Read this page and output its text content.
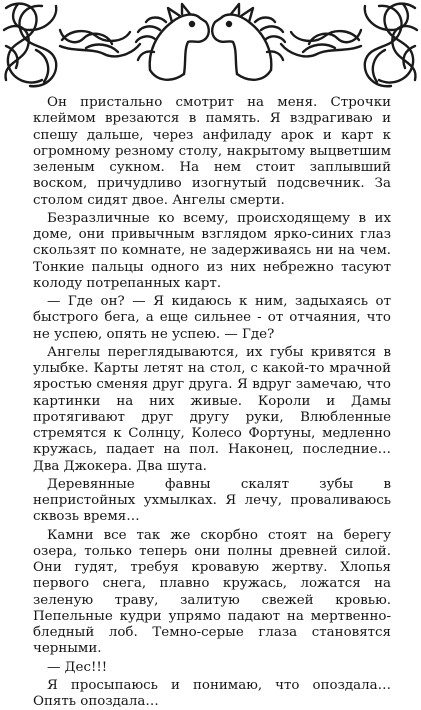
Он пристально смотрит на меня. Строчки клеймом врезаются в память. Я вздрагиваю и спешу дальше, через анфиладу арок и карт к огромному резному столу, накрытому выцветшим зеленым сукном. На нем стоит заплывший воском, причудливо изогнутый подсвечник. За столом сидят двое. Ангелы смерти.

Безразличные ко всему, происходящему в их доме, они привычным взглядом ярко-синих глаз скользят по комнате, не задерживаясь ни на чем. Тонкие пальцы одного из них небрежно тасуют колоду потрепанных карт.

— Где он? — Я кидаюсь к ним, задыхаясь от быстрого бега, а еще сильнее - от отчаяния, что не успею, опять не успею. — Где?

Ангелы переглядываются, их губы кривятся в улыбке. Карты летят на стол, с какой-то мрачной яростью сменяя друг друга. Я вдруг замечаю, что картинки на них живые. Короли и Дамы протягивают друг другу руки, Влюбленные стремятся к Солнцу, Колесо Фортуны, медленно кружась, падает на пол. Наконец, последние… Два Джокера. Два шута.

Деревянные фавны скалят зубы в непристойных ухмылках. Я лечу, проваливаюсь сквозь время…

Камни все так же скорбно стоят на берегу озера, только теперь они полны древней силой. Они гудят, требуя кровавую жертву. Хлопья первого снега, плавно кружась, ложатся на зеленую траву, залитую свежей кровью. Пепельные кудри упрямо падают на мертвенно-бледный лоб. Темно-серые глаза становятся черными.

— Дес!!!

Я просыпаюсь и понимаю, что опоздала… Опять опоздала…
